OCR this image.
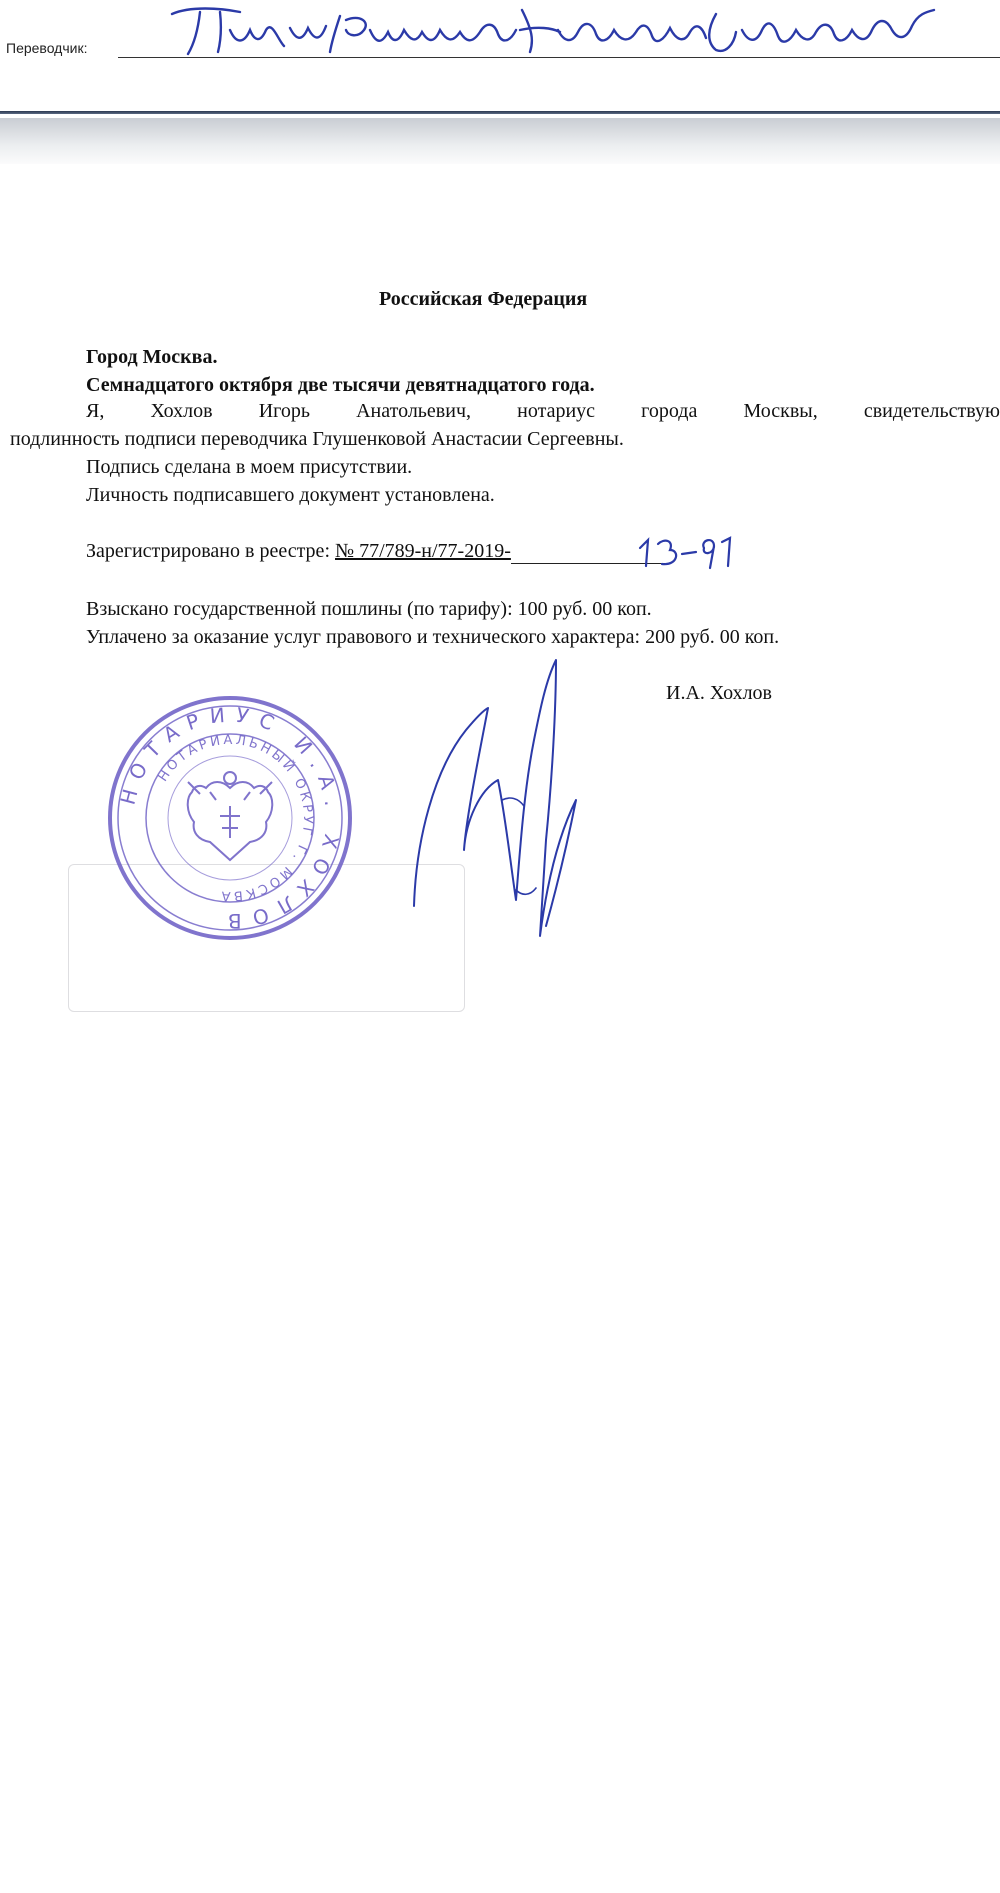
Переводчик:
Российская Федерация
Город Москва.
Семнадцатого октября две тысячи девятнадцатого года.
Я, Хохлов Игорь Анатольевич, нотариус города Москвы, свидетельствую
подлинность подписи переводчика Глушенковой Анастасии Сергеевны.
Подпись сделана в моем присутствии.
Личность подписавшего документ установлена.
Зарегистрировано в реестре: № 77/789-н/77-2019-
Взыскано государственной пошлины (по тарифу): 100 руб. 00 коп.
Уплачено за оказание услуг правового и технического характера: 200 руб. 00 коп.
И.А. Хохлов
НОТАРИУС И.А. ХОХЛОВ
НОТАРИАЛЬНЫЙ ОКРУГ Г. МОСКВА
